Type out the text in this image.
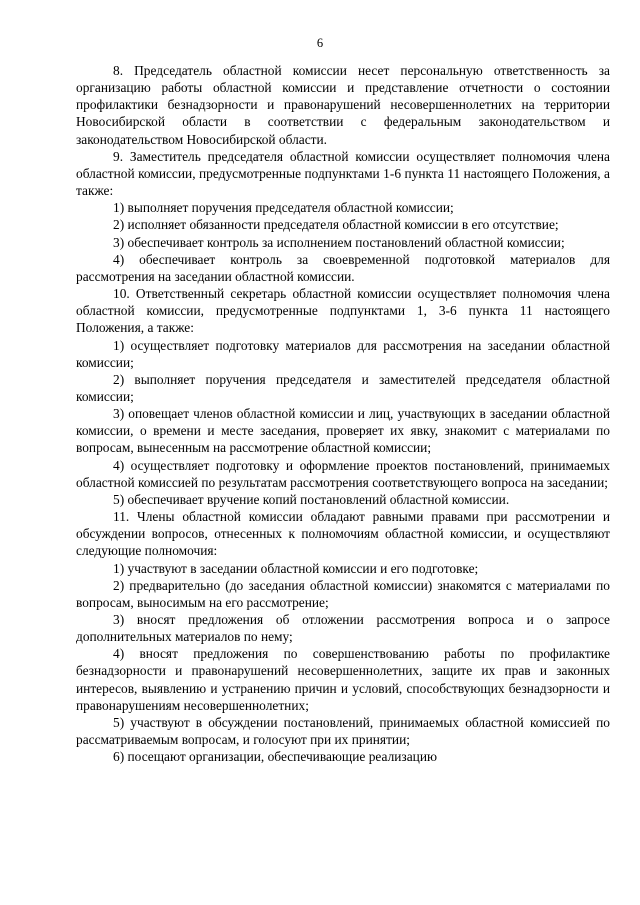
6

8. Председатель областной комиссии несет персональную ответственность за организацию работы областной комиссии и представление отчетности о состоянии профилактики безнадзорности и правонарушений несовершеннолетних на территории Новосибирской области в соответствии с федеральным законодательством и законодательством Новосибирской области.

9. Заместитель председателя областной комиссии осуществляет полномочия члена областной комиссии, предусмотренные подпунктами 1-6 пункта 11 настоящего Положения, а также:

1) выполняет поручения председателя областной комиссии;

2) исполняет обязанности председателя областной комиссии в его отсутствие;

3) обеспечивает контроль за исполнением постановлений областной комиссии;

4) обеспечивает контроль за своевременной подготовкой материалов для рассмотрения на заседании областной комиссии.

10. Ответственный секретарь областной комиссии осуществляет полномочия члена областной комиссии, предусмотренные подпунктами 1, 3-6 пункта 11 настоящего Положения, а также:

1) осуществляет подготовку материалов для рассмотрения на заседании областной комиссии;

2) выполняет поручения председателя и заместителей председателя областной комиссии;

3) оповещает членов областной комиссии и лиц, участвующих в заседании областной комиссии, о времени и месте заседания, проверяет их явку, знакомит с материалами по вопросам, вынесенным на рассмотрение областной комиссии;

4) осуществляет подготовку и оформление проектов постановлений, принимаемых областной комиссией по результатам рассмотрения соответствующего вопроса на заседании;

5) обеспечивает вручение копий постановлений областной комиссии.

11. Члены областной комиссии обладают равными правами при рассмотрении и обсуждении вопросов, отнесенных к полномочиям областной комиссии, и осуществляют следующие полномочия:

1) участвуют в заседании областной комиссии и его подготовке;

2) предварительно (до заседания областной комиссии) знакомятся с материалами по вопросам, выносимым на его рассмотрение;

3) вносят предложения об отложении рассмотрения вопроса и о запросе дополнительных материалов по нему;

4) вносят предложения по совершенствованию работы по профилактике безнадзорности и правонарушений несовершеннолетних, защите их прав и законных интересов, выявлению и устранению причин и условий, способствующих безнадзорности и правонарушениям несовершеннолетних;

5) участвуют в обсуждении постановлений, принимаемых областной комиссией по рассматриваемым вопросам, и голосуют при их принятии;

6) посещают организации, обеспечивающие реализацию
